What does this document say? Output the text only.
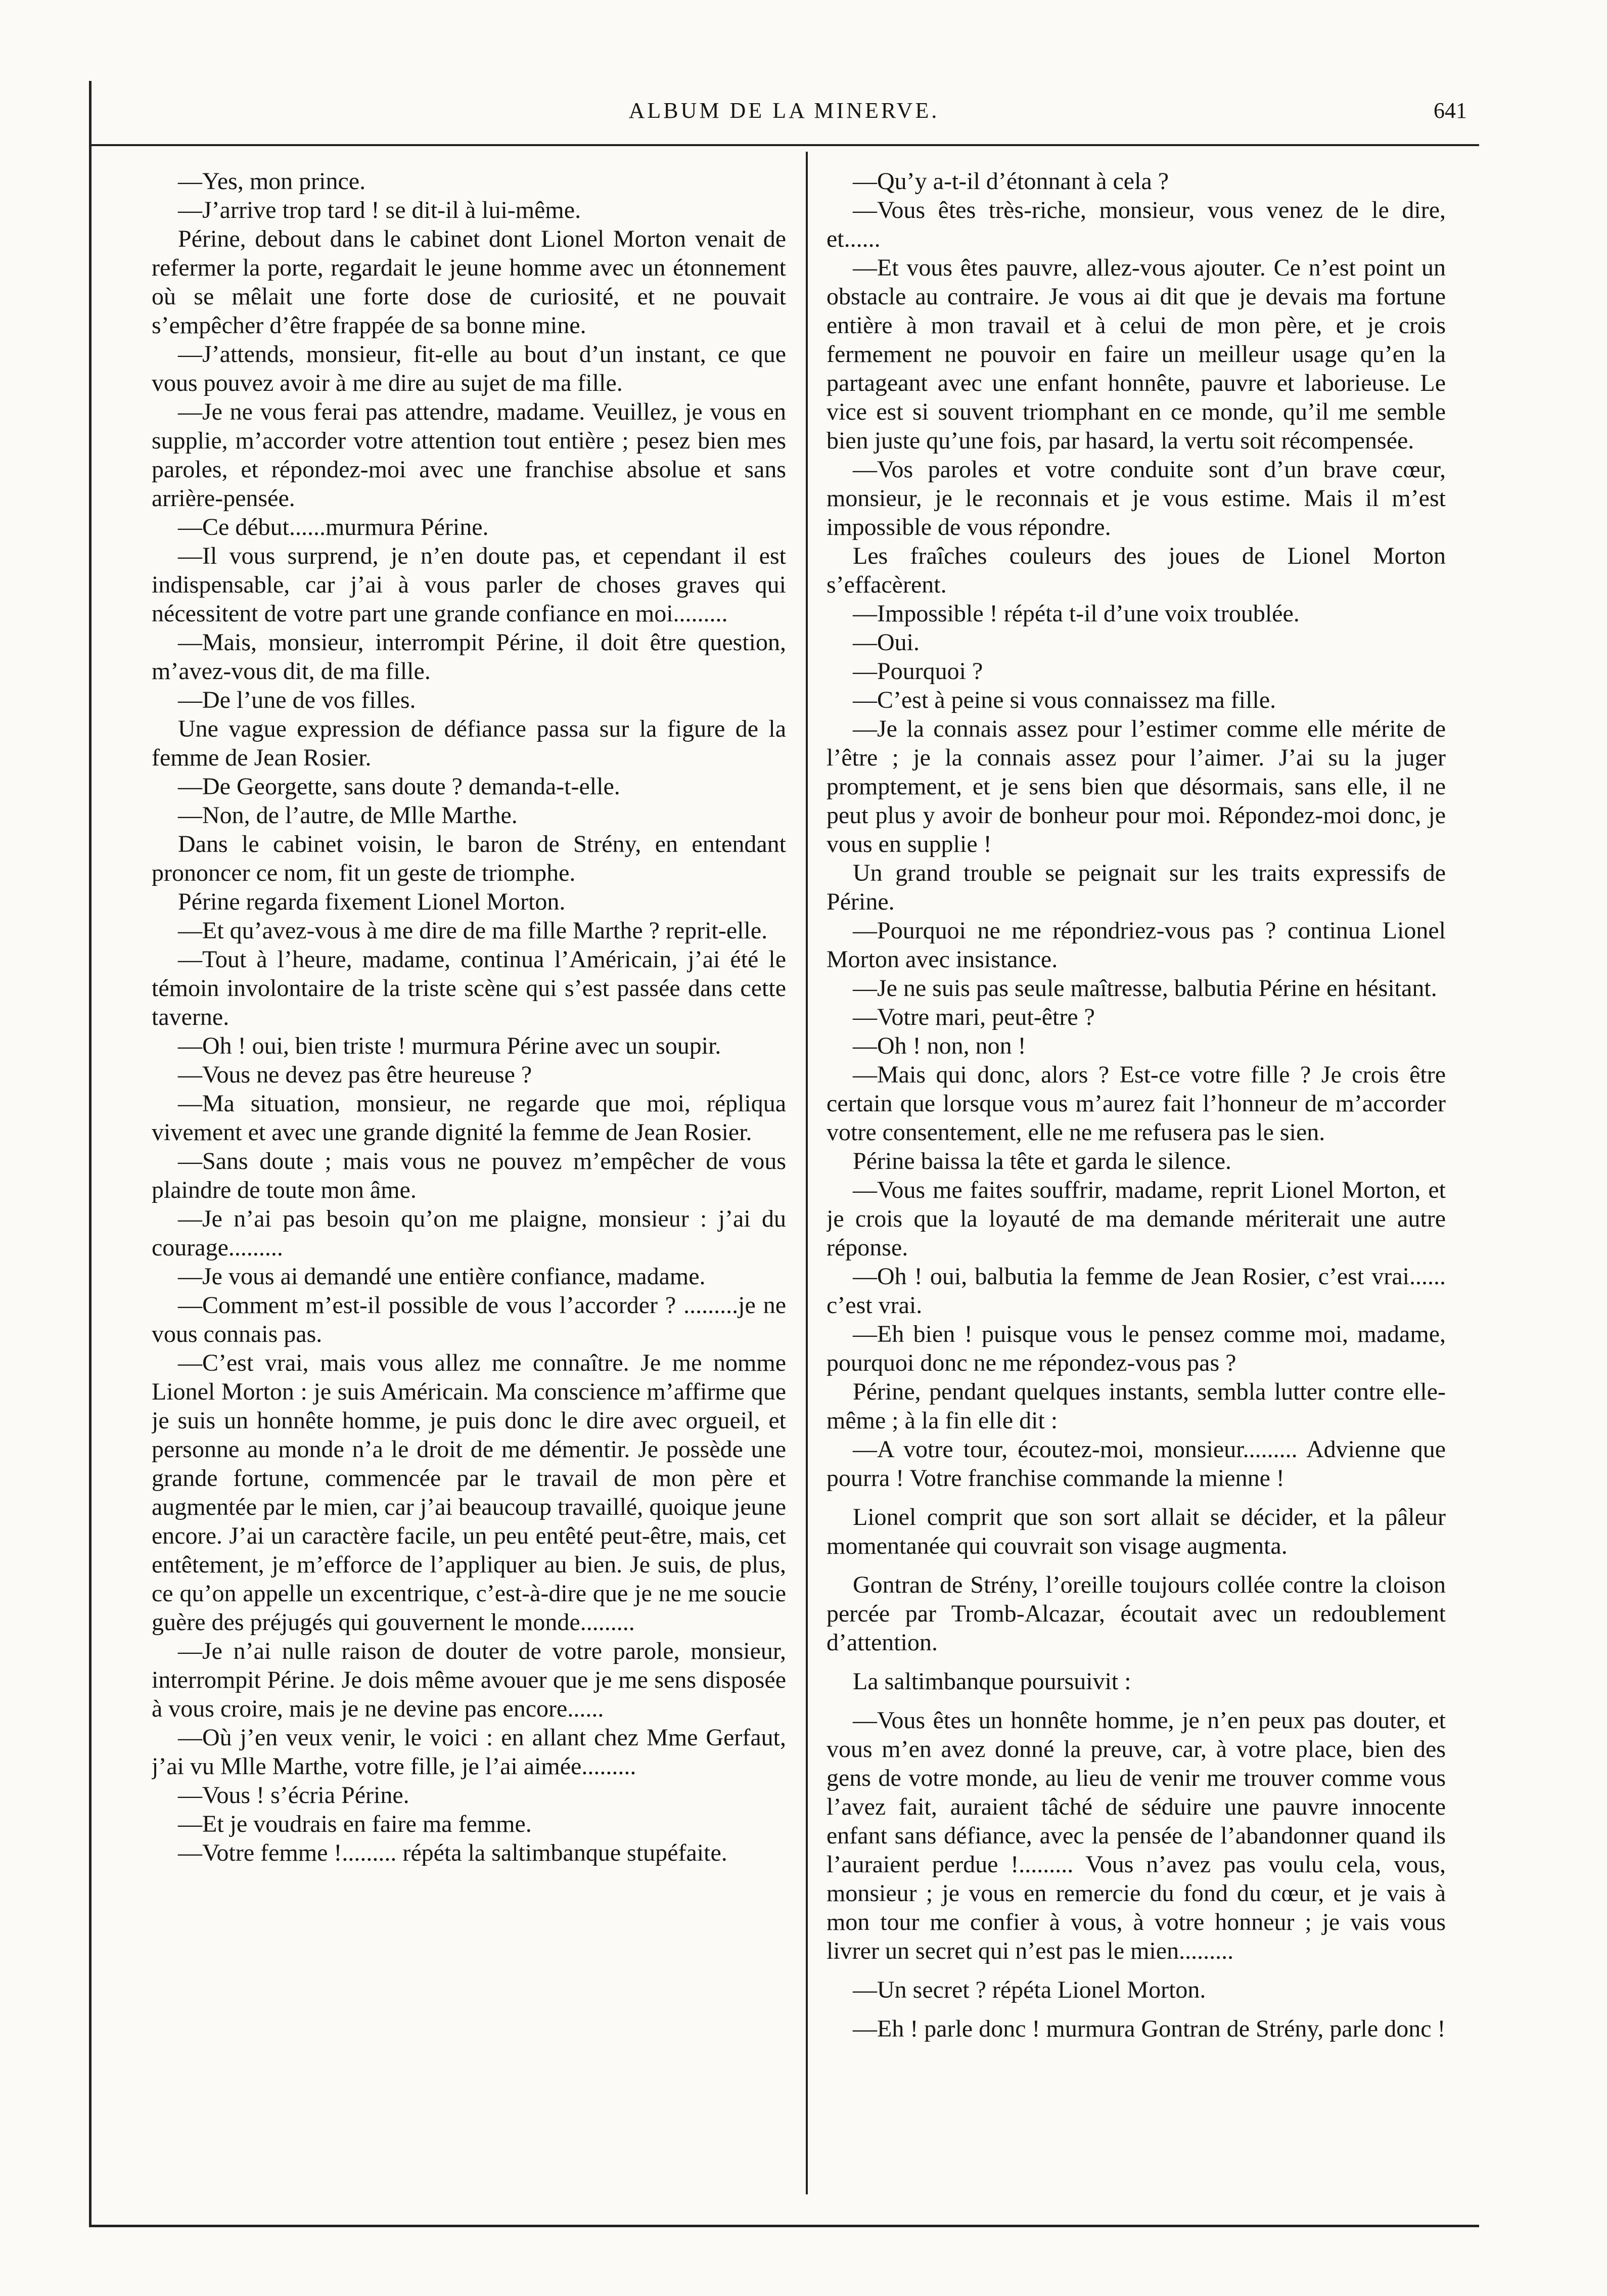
ALBUM DE LA MINERVE.	641

—Yes, mon prince.

—J’arrive trop tard ! se dit-il à lui-même.

Périne, debout dans le cabinet dont Lionel Morton venait de refermer la porte, regardait le jeune homme avec un étonnement où se mêlait une forte dose de curiosité, et ne pouvait s’empêcher d’être frappée de sa bonne mine.

—J’attends, monsieur, fit-elle au bout d’un instant, ce que vous pouvez avoir à me dire au sujet de ma fille.

—Je ne vous ferai pas attendre, madame. Veuillez, je vous en supplie, m’accorder votre attention tout entière ; pesez bien mes paroles, et répondez-moi avec une franchise absolue et sans arrière-pensée.

—Ce début......murmura Périne.

—Il vous surprend, je n’en doute pas, et cependant il est indispensable, car j’ai à vous parler de choses graves qui nécessitent de votre part une grande confiance en moi.........

—Mais, monsieur, interrompit Périne, il doit être question, m’avez-vous dit, de ma fille.

—De l’une de vos filles.

Une vague expression de défiance passa sur la figure de la femme de Jean Rosier.

—De Georgette, sans doute ? demanda-t-elle.

—Non, de l’autre, de Mlle Marthe.

Dans le cabinet voisin, le baron de Strény, en entendant prononcer ce nom, fit un geste de triomphe.

Périne regarda fixement Lionel Morton.

—Et qu’avez-vous à me dire de ma fille Marthe ? reprit-elle.

—Tout à l’heure, madame, continua l’Américain, j’ai été le témoin involontaire de la triste scène qui s’est passée dans cette taverne.

—Oh ! oui, bien triste ! murmura Périne avec un soupir.

—Vous ne devez pas être heureuse ?

—Ma situation, monsieur, ne regarde que moi, répliqua vivement et avec une grande dignité la femme de Jean Rosier.

—Sans doute ; mais vous ne pouvez m’empêcher de vous plaindre de toute mon âme.

—Je n’ai pas besoin qu’on me plaigne, monsieur : j’ai du courage.........

—Je vous ai demandé une entière confiance, madame.

—Comment m’est-il possible de vous l’accorder ? .........je ne vous connais pas.

—C’est vrai, mais vous allez me connaître. Je me nomme Lionel Morton : je suis Américain. Ma conscience m’affirme que je suis un honnête homme, je puis donc le dire avec orgueil, et personne au monde n’a le droit de me démentir. Je possède une grande fortune, commencée par le travail de mon père et augmentée par le mien, car j’ai beaucoup travaillé, quoique jeune encore. J’ai un caractère facile, un peu entêté peut-être, mais, cet entêtement, je m’efforce de l’appliquer au bien. Je suis, de plus, ce qu’on appelle un excentrique, c’est-à-dire que je ne me soucie guère des préjugés qui gouvernent le monde.........

—Je n’ai nulle raison de douter de votre parole, monsieur, interrompit Périne. Je dois même avouer que je me sens disposée à vous croire, mais je ne devine pas encore......

—Où j’en veux venir, le voici : en allant chez Mme Gerfaut, j’ai vu Mlle Marthe, votre fille, je l’ai aimée.........

—Vous ! s’écria Périne.

—Et je voudrais en faire ma femme.

—Votre femme !......... répéta la saltimbanque stupéfaite.

—Qu’y a-t-il d’étonnant à cela ?

—Vous êtes très-riche, monsieur, vous venez de le dire, et......

—Et vous êtes pauvre, allez-vous ajouter. Ce n’est point un obstacle au contraire. Je vous ai dit que je devais ma fortune entière à mon travail et à celui de mon père, et je crois fermement ne pouvoir en faire un meilleur usage qu’en la partageant avec une enfant honnête, pauvre et laborieuse. Le vice est si souvent triomphant en ce monde, qu’il me semble bien juste qu’une fois, par hasard, la vertu soit récompensée.

—Vos paroles et votre conduite sont d’un brave cœur, monsieur, je le reconnais et je vous estime. Mais il m’est impossible de vous répondre.

Les fraîches couleurs des joues de Lionel Morton s’effacèrent.

—Impossible ! répéta t-il d’une voix troublée.

—Oui.

—Pourquoi ?

—C’est à peine si vous connaissez ma fille.

—Je la connais assez pour l’estimer comme elle mérite de l’être ; je la connais assez pour l’aimer. J’ai su la juger promptement, et je sens bien que désormais, sans elle, il ne peut plus y avoir de bonheur pour moi. Répondez-moi donc, je vous en supplie !

Un grand trouble se peignait sur les traits expressifs de Périne.

—Pourquoi ne me répondriez-vous pas ? continua Lionel Morton avec insistance.

—Je ne suis pas seule maîtresse, balbutia Périne en hésitant.

—Votre mari, peut-être ?

—Oh ! non, non !

—Mais qui donc, alors ? Est-ce votre fille ? Je crois être certain que lorsque vous m’aurez fait l’honneur de m’accorder votre consentement, elle ne me refusera pas le sien.

Périne baissa la tête et garda le silence.

—Vous me faites souffrir, madame, reprit Lionel Morton, et je crois que la loyauté de ma demande mériterait une autre réponse.

—Oh ! oui, balbutia la femme de Jean Rosier, c’est vrai...... c’est vrai.

—Eh bien ! puisque vous le pensez comme moi, madame, pourquoi donc ne me répondez-vous pas ?

Périne, pendant quelques instants, sembla lutter contre elle-même ; à la fin elle dit :

—A votre tour, écoutez-moi, monsieur......... Advienne que pourra ! Votre franchise commande la mienne !

Lionel comprit que son sort allait se décider, et la pâleur momentanée qui couvrait son visage augmenta.

Gontran de Strény, l’oreille toujours collée contre la cloison percée par Tromb-Alcazar, écoutait avec un redoublement d’attention.

La saltimbanque poursuivit :

—Vous êtes un honnête homme, je n’en peux pas douter, et vous m’en avez donné la preuve, car, à votre place, bien des gens de votre monde, au lieu de venir me trouver comme vous l’avez fait, auraient tâché de séduire une pauvre innocente enfant sans défiance, avec la pensée de l’abandonner quand ils l’auraient perdue !......... Vous n’avez pas voulu cela, vous, monsieur ; je vous en remercie du fond du cœur, et je vais à mon tour me confier à vous, à votre honneur ; je vais vous livrer un secret qui n’est pas le mien.........

—Un secret ? répéta Lionel Morton.

—Eh ! parle donc ! murmura Gontran de Strény, parle donc !
